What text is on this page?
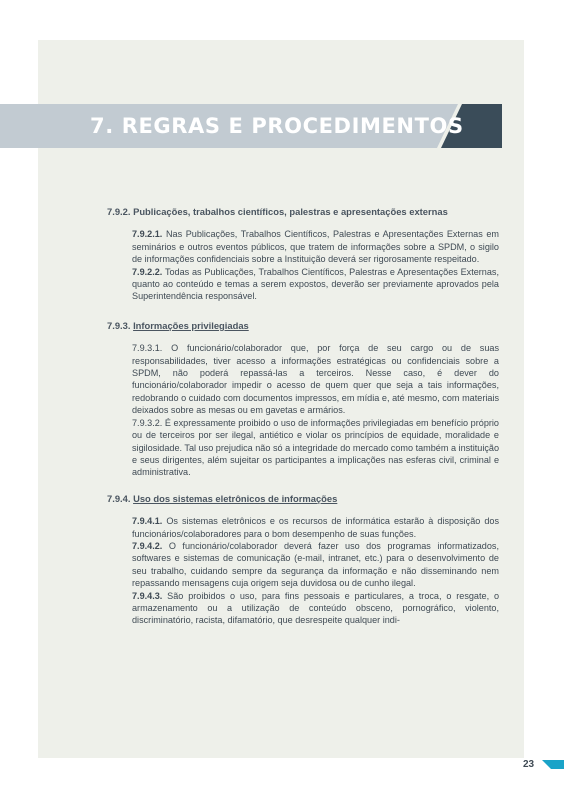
7. REGRAS E PROCEDIMENTOS
7.9.2. Publicações, trabalhos científicos, palestras e apresentações externas

7.9.2.1. Nas Publicações, Trabalhos Científicos, Palestras e Apresentações Externas em seminários e outros eventos públicos, que tratem de informações sobre a SPDM, o sigilo de informações confidenciais sobre a Instituição deverá ser rigorosamente respeitado.

7.9.2.2. Todas as Publicações, Trabalhos Científicos, Palestras e Apresentações Externas, quanto ao conteúdo e temas a serem expostos, deverão ser previamente aprovados pela Superintendência responsável.

7.9.3. Informações privilegiadas

7.9.3.1. O funcionário/colaborador que, por força de seu cargo ou de suas responsabilidades, tiver acesso a informações estratégicas ou confidenciais sobre a SPDM, não poderá repassá-las a terceiros. Nesse caso, é dever do funcionário/colaborador impedir o acesso de quem quer que seja a tais informações, redobrando o cuidado com documentos impressos, em mídia e, até mesmo, com materiais deixados sobre as mesas ou em gavetas e armários.

7.9.3.2. É expressamente proibido o uso de informações privilegiadas em benefício próprio ou de terceiros por ser ilegal, antiético e violar os princípios de equidade, moralidade e sigilosidade. Tal uso prejudica não só a integridade do mercado como também a instituição e seus dirigentes, além sujeitar os participantes a implicações nas esferas civil, criminal e administrativa.

7.9.4. Uso dos sistemas eletrônicos de informações

7.9.4.1. Os sistemas eletrônicos e os recursos de informática estarão à disposição dos funcionários/colaboradores para o bom desempenho de suas funções.

7.9.4.2. O funcionário/colaborador deverá fazer uso dos programas informatizados, softwares e sistemas de comunicação (e-mail, intranet, etc.) para o desenvolvimento de seu trabalho, cuidando sempre da segurança da informação e não disseminando nem repassando mensagens cuja origem seja duvidosa ou de cunho ilegal.

7.9.4.3. São proibidos o uso, para fins pessoais e particulares, a troca, o resgate, o armazenamento ou a utilização de conteúdo obsceno, pornográfico, violento, discriminatório, racista, difamatório, que desrespeite qualquer indi-

23
